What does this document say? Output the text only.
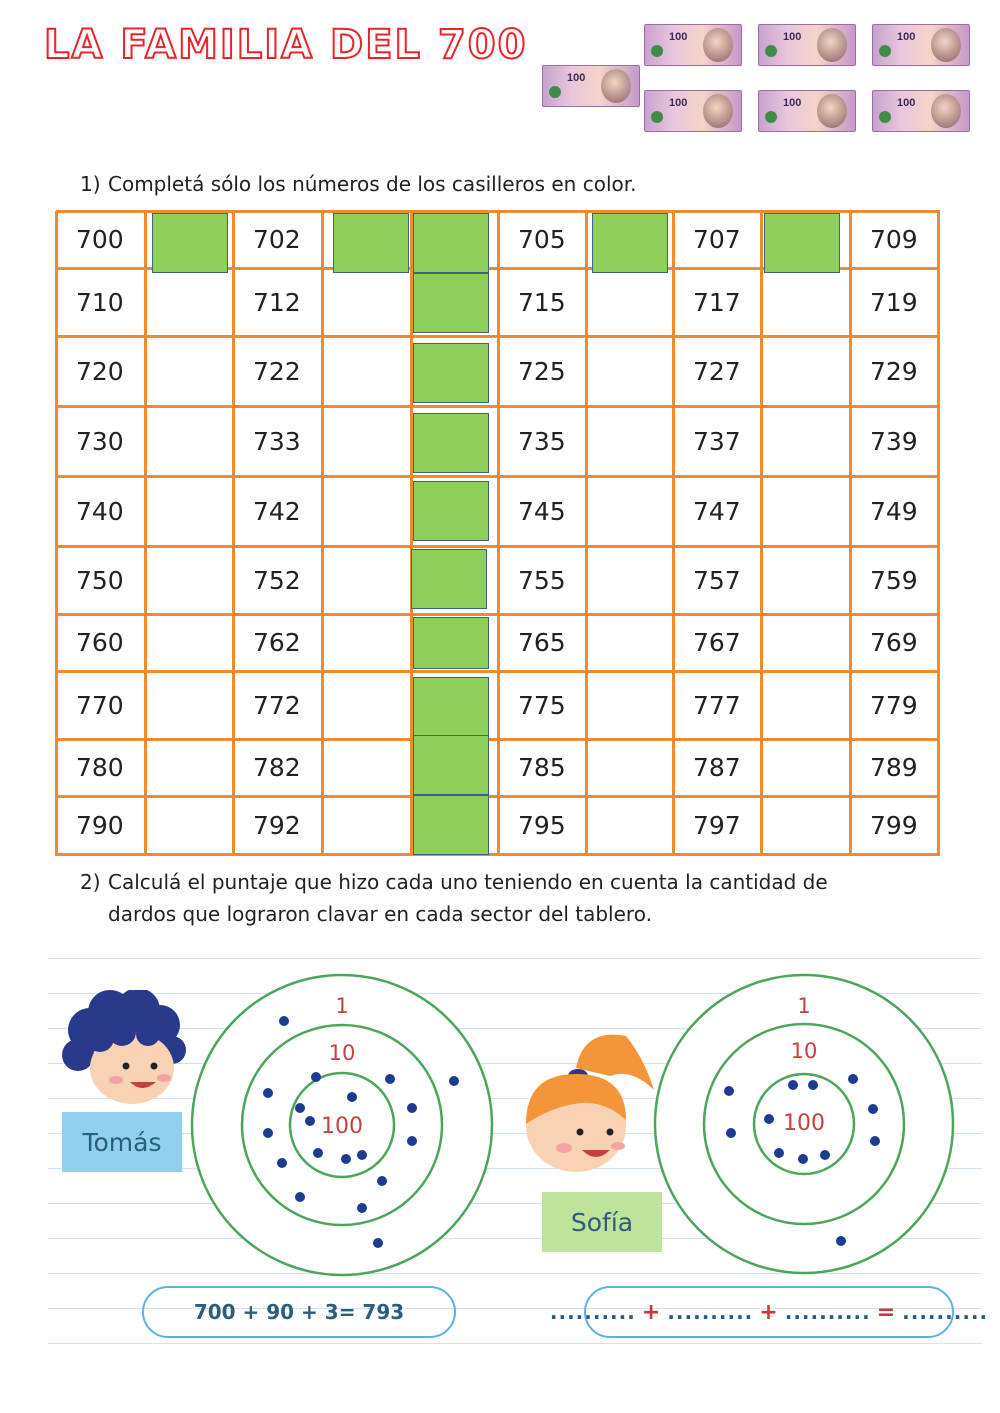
LA FAMILIA DEL 700	100	100	100
100
100	100	100
1) Completá sólo los números de los casilleros en color.
700	702	705	707	709
710	712	715	717	719
720	722	725	727	729
730	733	735	737	739
740	742	745	747	749
750	752	755	757	759
760	762	765	767	769
770	772	775	777	779
780	782	785	787	789
790	792	795	797	799
2) Calculá el puntaje que hizo cada uno teniendo en cuenta la cantidad de
dardos que lograron clavar en cada sector del tablero.
Tomás
1
10
100
Sofía
1
10
100
700 + 90 + 3= 793	.......... + .......... + .......... = ..........
